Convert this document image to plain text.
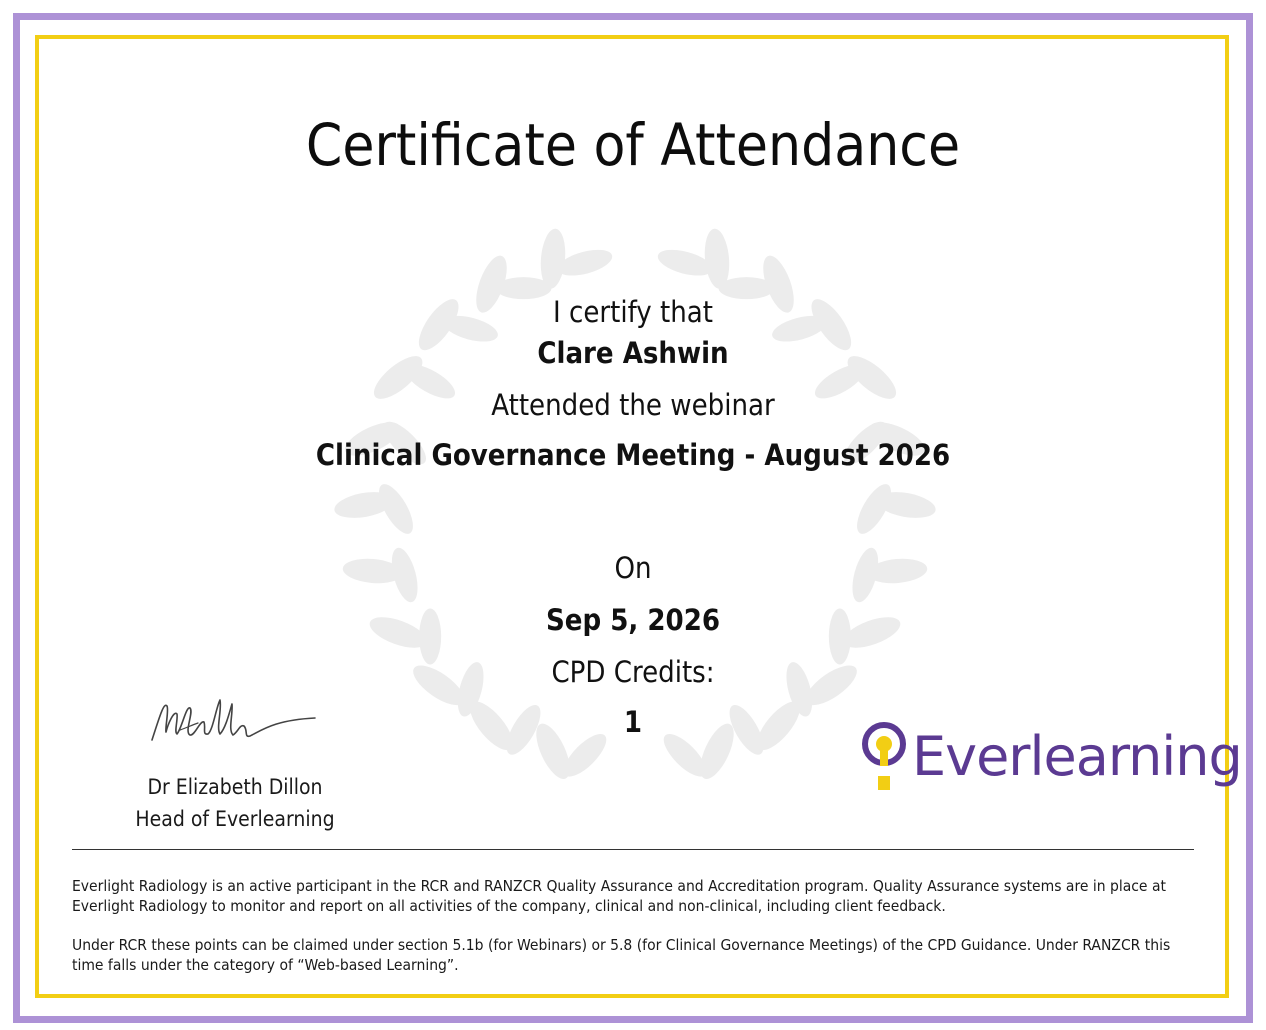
Certificate of Attendance
I certify that
Clare Ashwin
Attended the webinar
Clinical Governance Meeting - August 2026
On
Sep 5, 2026
CPD Credits:
1
Dr Elizabeth Dillon
Head of Everlearning
Everlearning
Everlight Radiology is an active participant in the RCR and RANZCR Quality Assurance and Accreditation program. Quality Assurance systems are in place at Everlight Radiology to monitor and report on all activities of the company, clinical and non-clinical, including client feedback.
Under RCR these points can be claimed under section 5.1b (for Webinars) or 5.8 (for Clinical Governance Meetings) of the CPD Guidance. Under RANZCR this time falls under the category of “Web-based Learning”.
